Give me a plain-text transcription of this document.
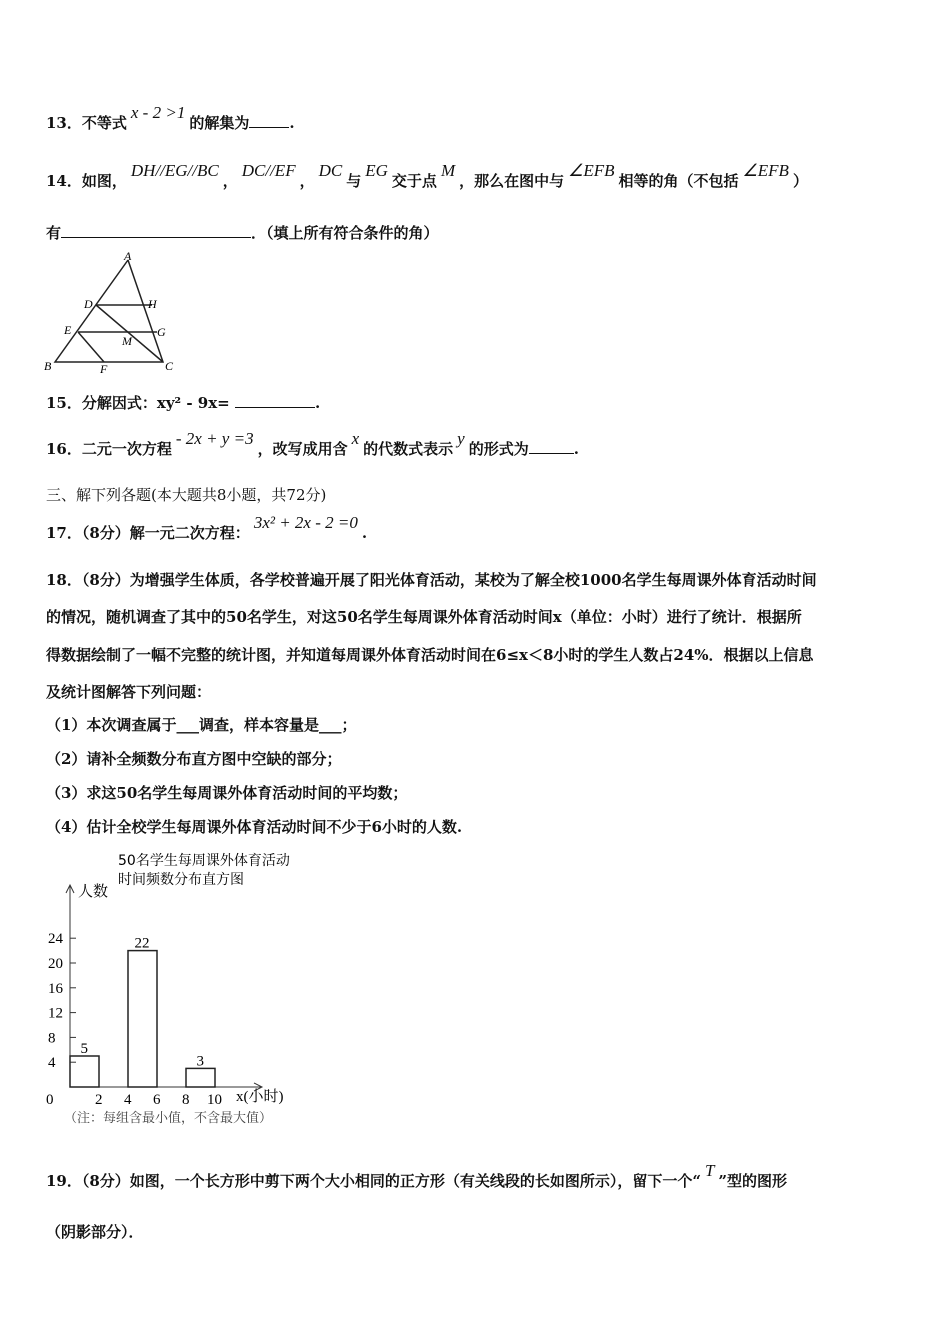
13．不等式x - 2 >1的解集为	.
14．如图，DH//EG//BC，DC//EF，DC与EG交于点M，那么在图中与∠EFB相等的角（不包括∠EFB）
有	．（填上所有符合条件的角）
A
D	H
E	G
M
B	F	C
15．分解因式：xy² - 9x=	.
16．二元一次方程- 2x + y =3，改写成用含x的代数式表示y的形式为	.
三、解下列各题(本大题共8小题，共72分)
17．（8分）解一元二次方程：3x² + 2x - 2 =0.
18．（8分）为增强学生体质，各学校普遍开展了阳光体育活动，某校为了解全校1000名学生每周课外体育活动时间
的情况，随机调查了其中的50名学生，对这50名学生每周课外体育活动时间x（单位：小时）进行了统计．根据所
得数据绘制了一幅不完整的统计图，并知道每周课外体育活动时间在6≤x＜8小时的学生人数占24%．根据以上信息
及统计图解答下列问题：
（1）本次调查属于___调查，样本容量是___；
（2）请补全频数分布直方图中空缺的部分；
（3）求这50名学生每周课外体育活动时间的平均数；
（4）估计全校学生每周课外体育活动时间不少于6小时的人数.
50名学生每周课外体育活动
时间频数分布直方图
人数
x(小时)
（注：每组含最小值，不含最大值）
24
20
16
12
8
4
0	2 4 6 8 10
5
22
3
19．（8分）如图，一个长方形中剪下两个大小相同的正方形（有关线段的长如图所示），留下一个“T”型的图形
（阴影部分）．
